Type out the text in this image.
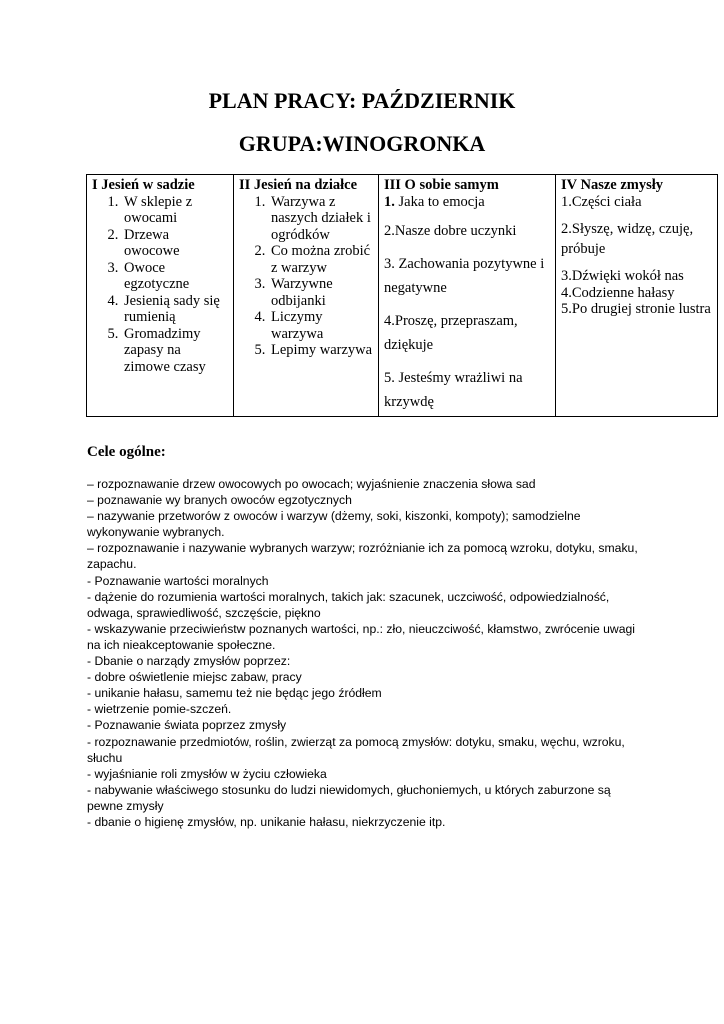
PLAN PRACY: PAŹDZIERNIK
GRUPA:WINOGRONKA
I Jesień w sadzie
1. W sklepie z owocami
2. Drzewa owocowe
3. Owoce egzotyczne
4. Jesienią sady się rumienią
5. Gromadzimy zapasy na zimowe czasy

II Jesień na działce
1. Warzywa z naszych działek i ogródków
2. Co można zrobić z warzyw
3. Warzywne odbijanki
4. Liczymy warzywa
5. Lepimy warzywa

III O sobie samym

1. Jaka to emocja

2.Nasze dobre uczynki

3. Zachowania pozytywne i negatywne

4.Proszę, przepraszam, dziękuje

5. Jesteśmy wrażliwi na krzywdę

IV Nasze zmysły

1.Części ciała

2.Słyszę, widzę, czuję, próbuje

3.Dźwięki wokół nas

4.Codzienne hałasy

5.Po drugiej stronie lustra

Cele ogólne:

– rozpoznawanie drzew owocowych po owocach; wyjaśnienie znaczenia słowa sad

– poznawanie wy branych owoców egzotycznych

– nazywanie przetworów z owoców i warzyw (dżemy, soki, kiszonki, kompoty); samodzielne wykonywanie wybranych.

– rozpoznawanie i nazywanie wybranych warzyw; rozróżnianie ich za pomocą wzroku, dotyku, smaku, zapachu.

- Poznawanie wartości moralnych

- dążenie do rozumienia wartości moralnych, takich jak: szacunek, uczciwość, odpowiedzialność, odwaga, sprawiedliwość, szczęście, piękno

- wskazywanie przeciwieństw poznanych wartości, np.: zło, nieuczciwość, kłamstwo, zwrócenie uwagi na ich nieakceptowanie społeczne.

- Dbanie o narządy zmysłów poprzez:

- dobre oświetlenie miejsc zabaw, pracy

- unikanie hałasu, samemu też nie będąc jego źródłem

- wietrzenie pomie-szczeń.

- Poznawanie świata poprzez zmysły

- rozpoznawanie przedmiotów, roślin, zwierząt za pomocą zmysłów: dotyku, smaku, węchu, wzroku, słuchu

- wyjaśnianie roli zmysłów w życiu człowieka

- nabywanie właściwego stosunku do ludzi niewidomych, głuchoniemych, u których zaburzone są pewne zmysły

- dbanie o higienę zmysłów, np. unikanie hałasu, niekrzyczenie itp.
